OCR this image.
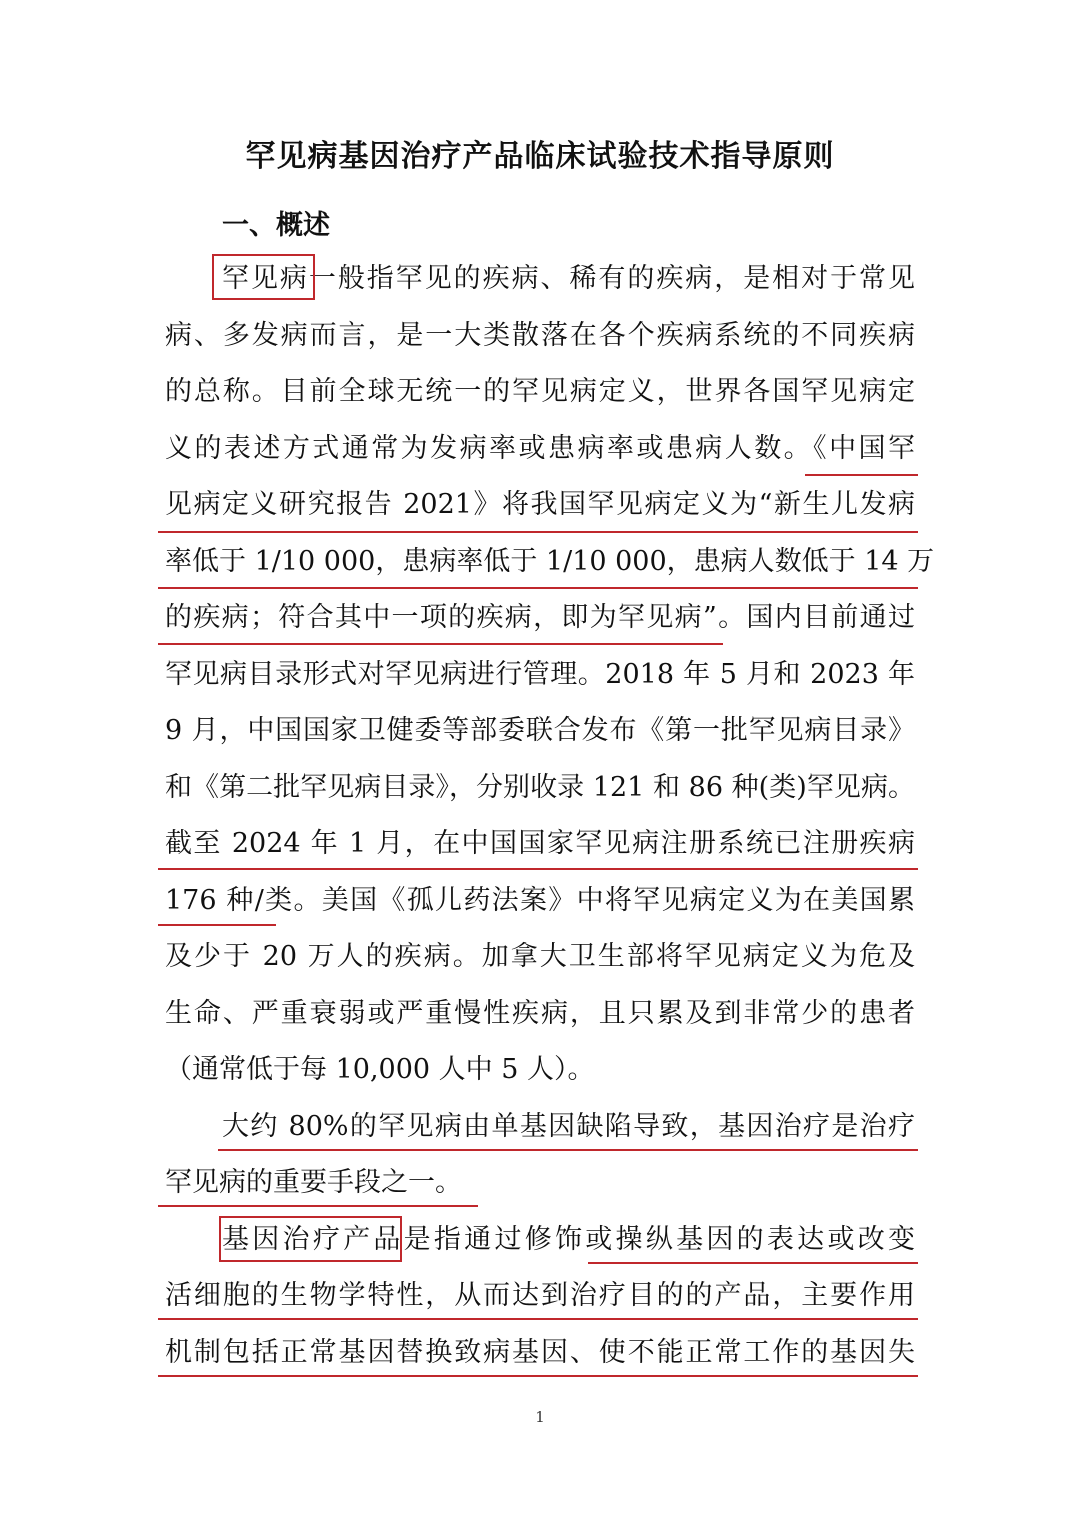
罕见病基因治疗产品临床试验技术指导原则
一、概述
罕见病一般指罕见的疾病、稀有的疾病，是相对于常见
病、多发病而言，是一大类散落在各个疾病系统的不同疾病
的总称。目前全球无统一的罕见病定义，世界各国罕见病定
义的表述方式通常为发病率或患病率或患病人数。《中国罕
见病定义研究报告 2021》将我国罕见病定义为“新生儿发病
率低于 1/10 000，患病率低于 1/10 000，患病人数低于 14 万
的疾病；符合其中一项的疾病，即为罕见病”。国内目前通过
罕见病目录形式对罕见病进行管理。2018 年 5 月和 2023 年
9 月，中国国家卫健委等部委联合发布《第一批罕见病目录》
和《第二批罕见病目录》，分别收录 121 和 86 种(类)罕见病。
截至 2024 年 1 月，在中国国家罕见病注册系统已注册疾病
176 种/类。美国《孤儿药法案》中将罕见病定义为在美国累
及少于 20 万人的疾病。加拿大卫生部将罕见病定义为危及
生命、严重衰弱或严重慢性疾病，且只累及到非常少的患者
（通常低于每 10,000 人中 5 人）。
大约 80%的罕见病由单基因缺陷导致，基因治疗是治疗
罕见病的重要手段之一。
基因治疗产品是指通过修饰或操纵基因的表达或改变
活细胞的生物学特性，从而达到治疗目的的产品，主要作用
机制包括正常基因替换致病基因、使不能正常工作的基因失
1
